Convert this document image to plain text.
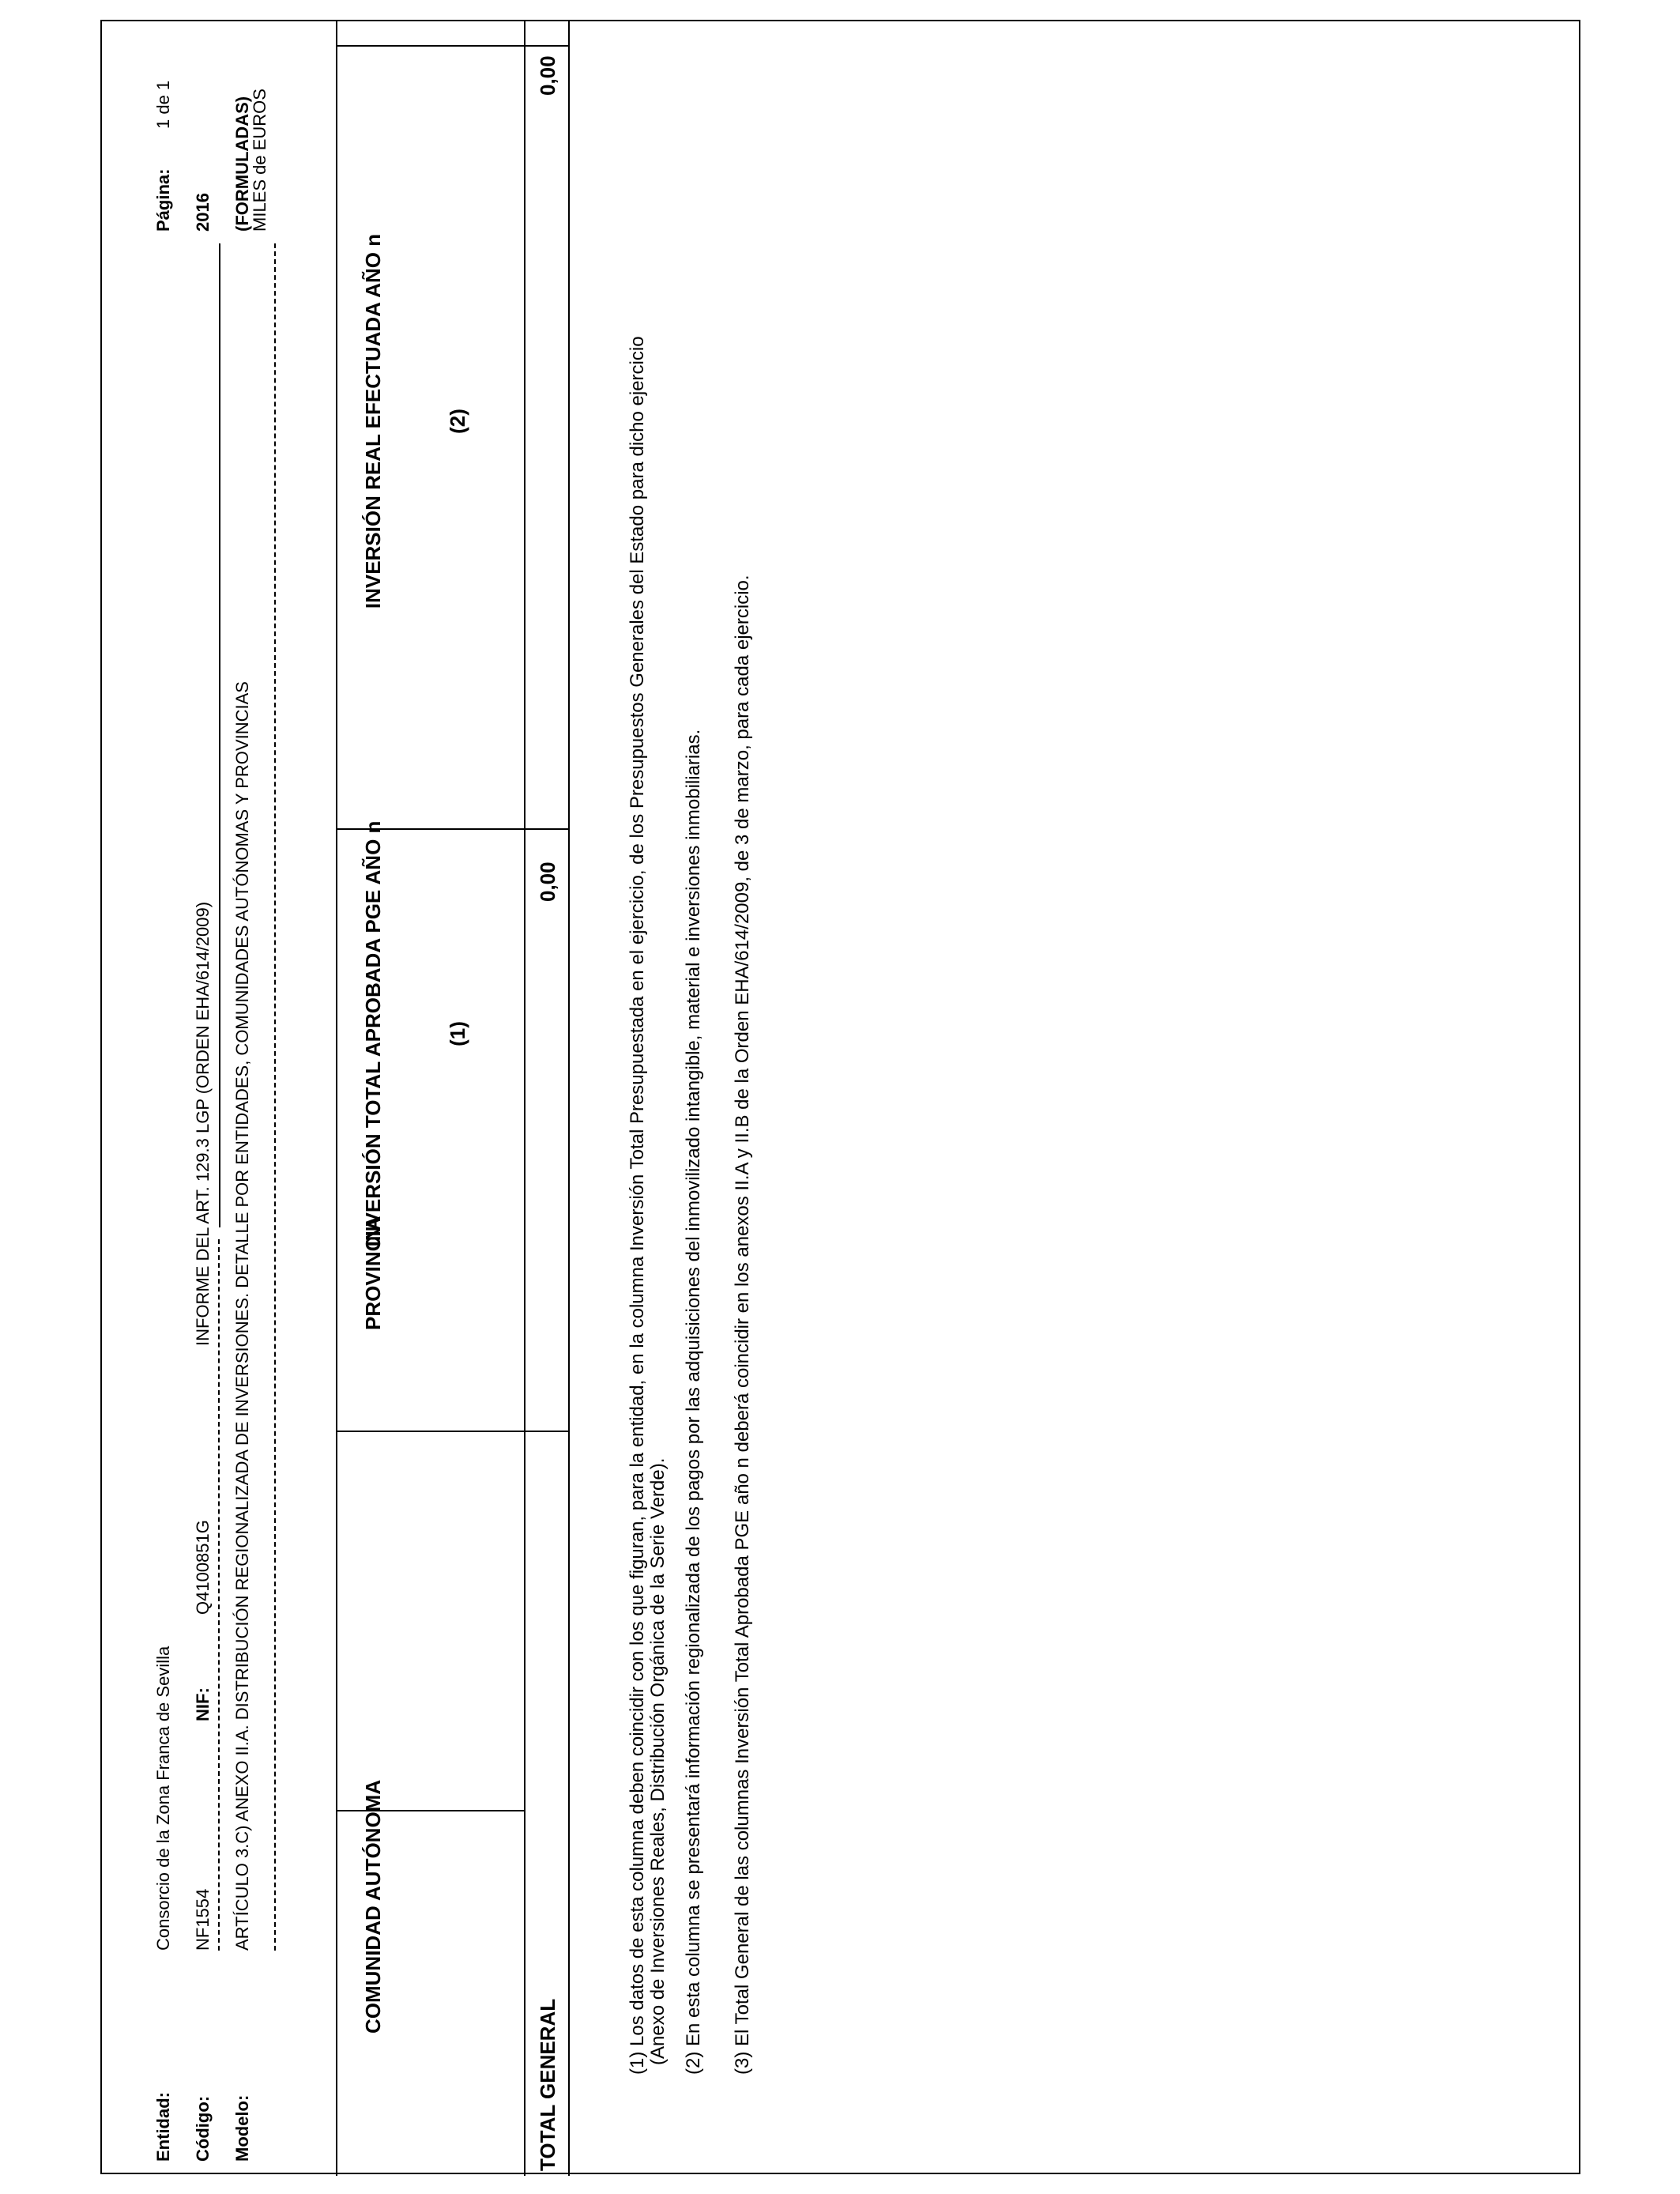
Entidad:
Consorcio de la Zona Franca de Sevilla
Página:
1 de 1
Código:
NF1554
NIF:
Q4100851G
INFORME DEL ART. 129.3 LGP (ORDEN EHA/614/2009)
2016
Modelo:
ARTÍCULO 3.C) ANEXO II.A. DISTRIBUCIÓN REGIONALIZADA DE INVERSIONES. DETALLE POR ENTIDADES, COMUNIDADES AUTÓNOMAS Y PROVINCIAS
(FORMULADAS)
MILES de EUROS
COMUNIDAD AUTÓNOMA
PROVINCIA
INVERSIÓN TOTAL APROBADA PGE AÑO n	(1)
INVERSIÓN REAL EFECTUADA AÑO n	(2)
TOTAL GENERAL
0,00
0,00
(1) Los datos de esta columna deben coincidir con los que figuran, para la entidad, en la columna Inversión Total Presupuestada en el ejercicio, de los Presupuestos Generales del Estado para dicho ejercicio (Anexo de Inversiones Reales, Distribución Orgánica de la Serie Verde). (2) En esta columna se presentará información regionalizada de los pagos por las adquisiciones del inmovilizado intangible, material e inversiones inmobiliarias. (3) El Total General de las columnas Inversión Total Aprobada PGE año n deberá coincidir en los anexos II.A y II.B de la Orden EHA/614/2009, de 3 de marzo, para cada ejercicio.
